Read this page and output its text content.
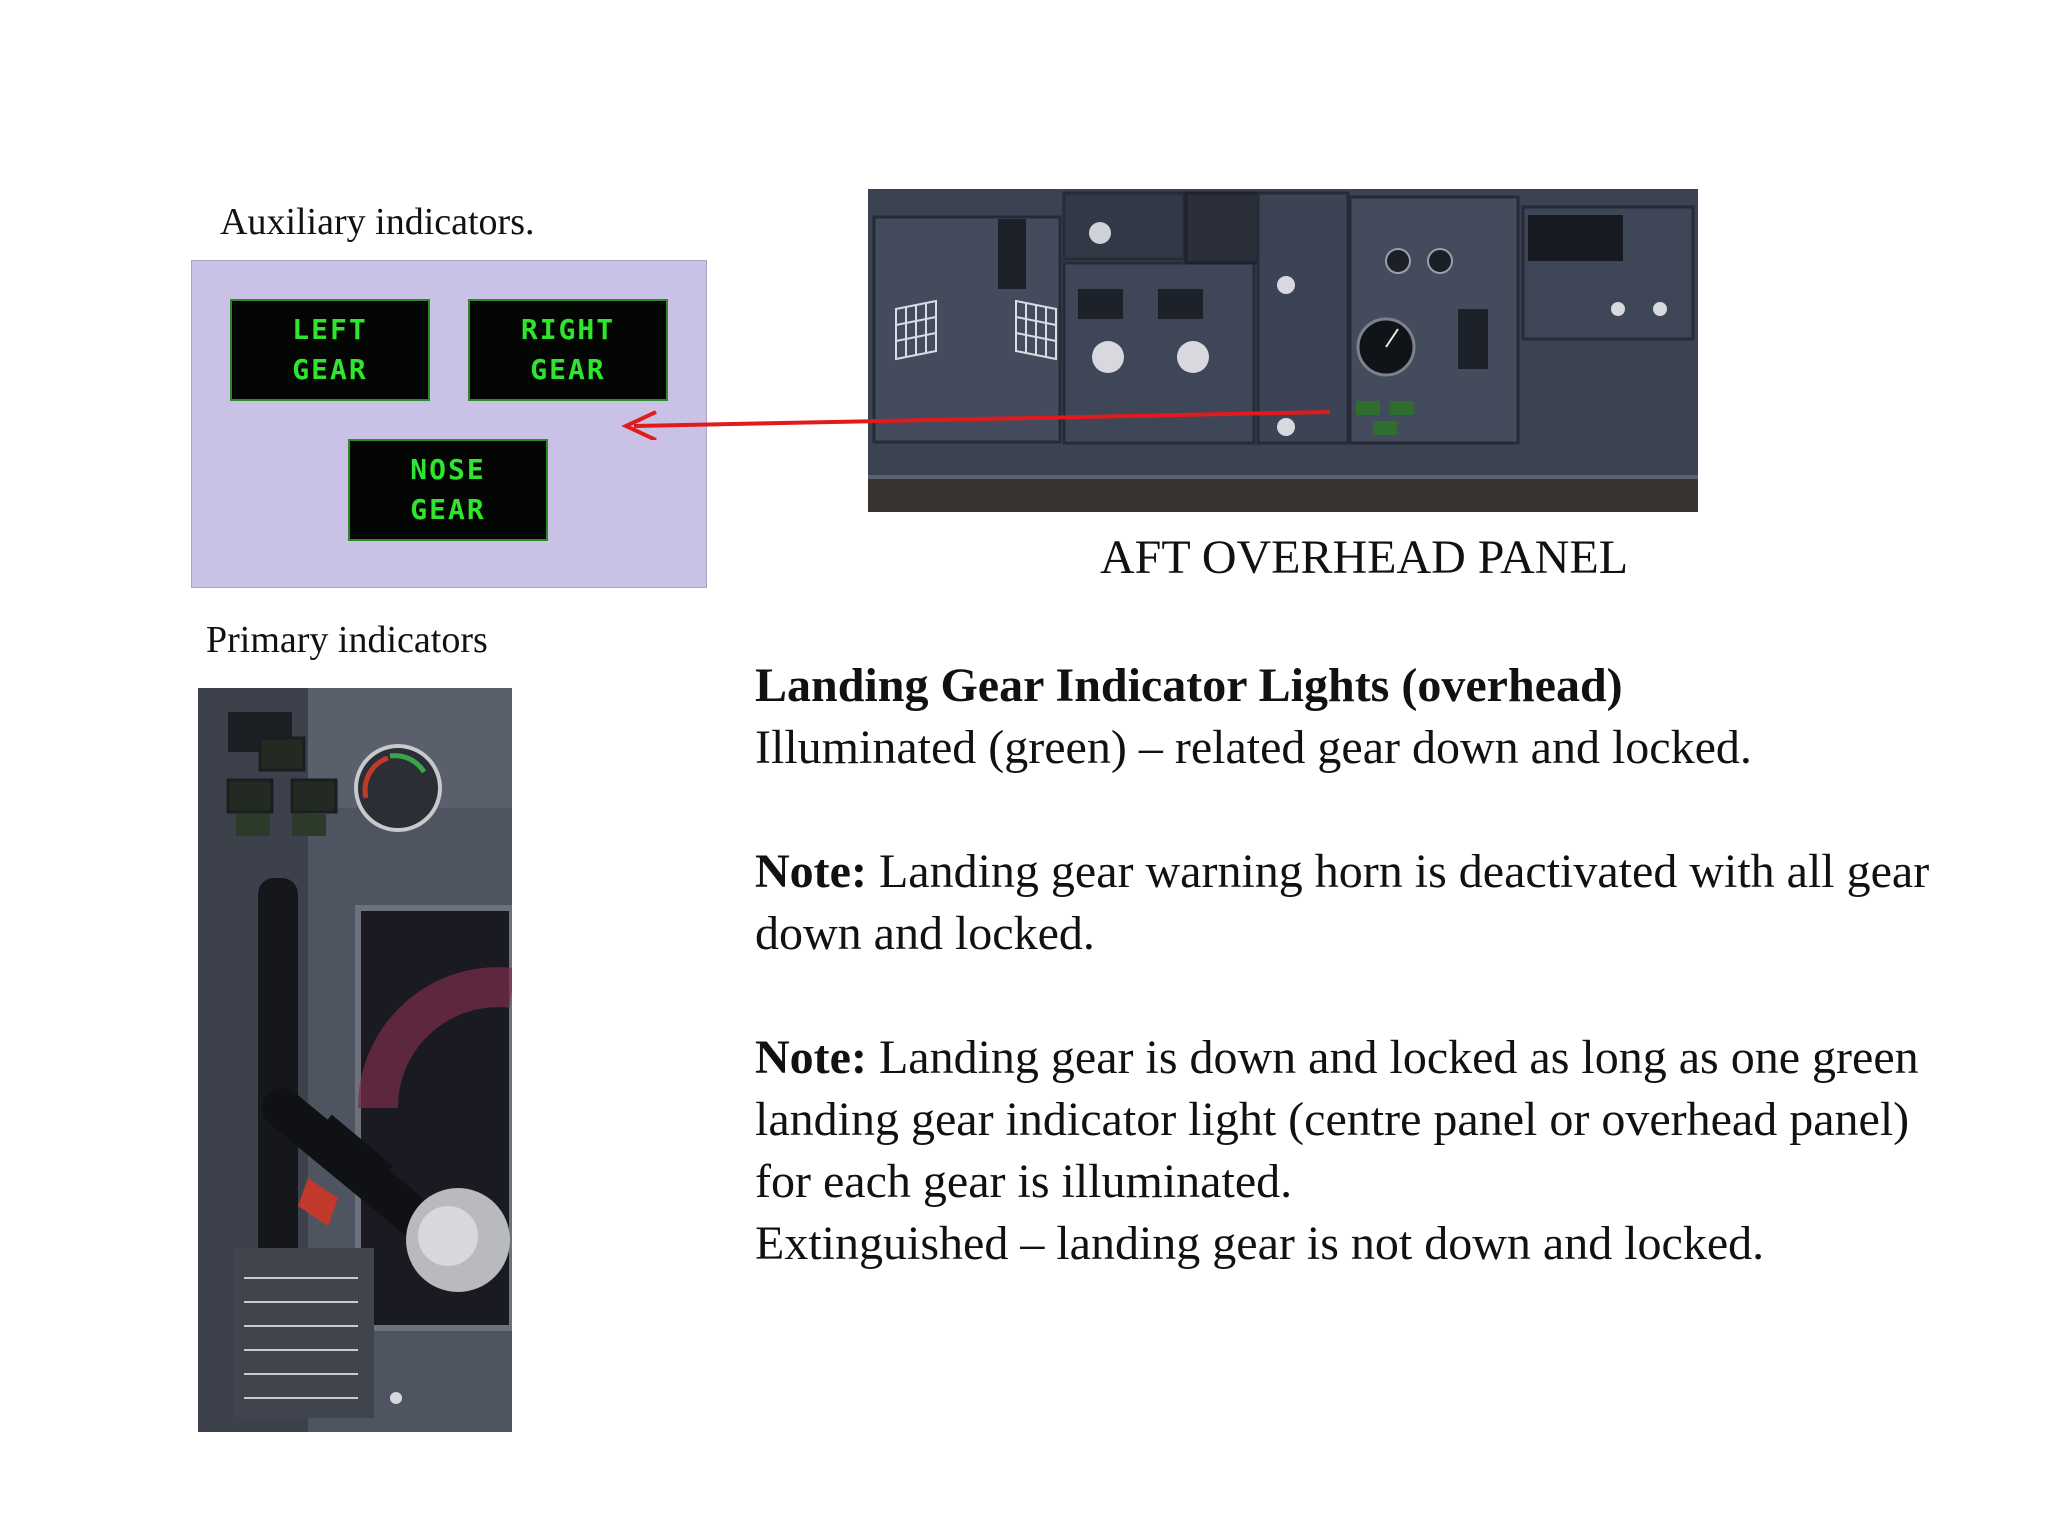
Auxiliary indicators.
LEFT
GEAR
RIGHT
GEAR
NOSE
GEAR
AFT OVERHEAD PANEL
Primary indicators

Landing Gear Indicator Lights (overhead)

Illuminated (green) – related gear down and locked.

Note: Landing gear warning horn is deactivated with all gear down and locked.

Note: Landing gear is down and locked as long as one green landing gear indicator light (centre panel or overhead panel) for each gear is illuminated.

Extinguished – landing gear is not down and locked.
